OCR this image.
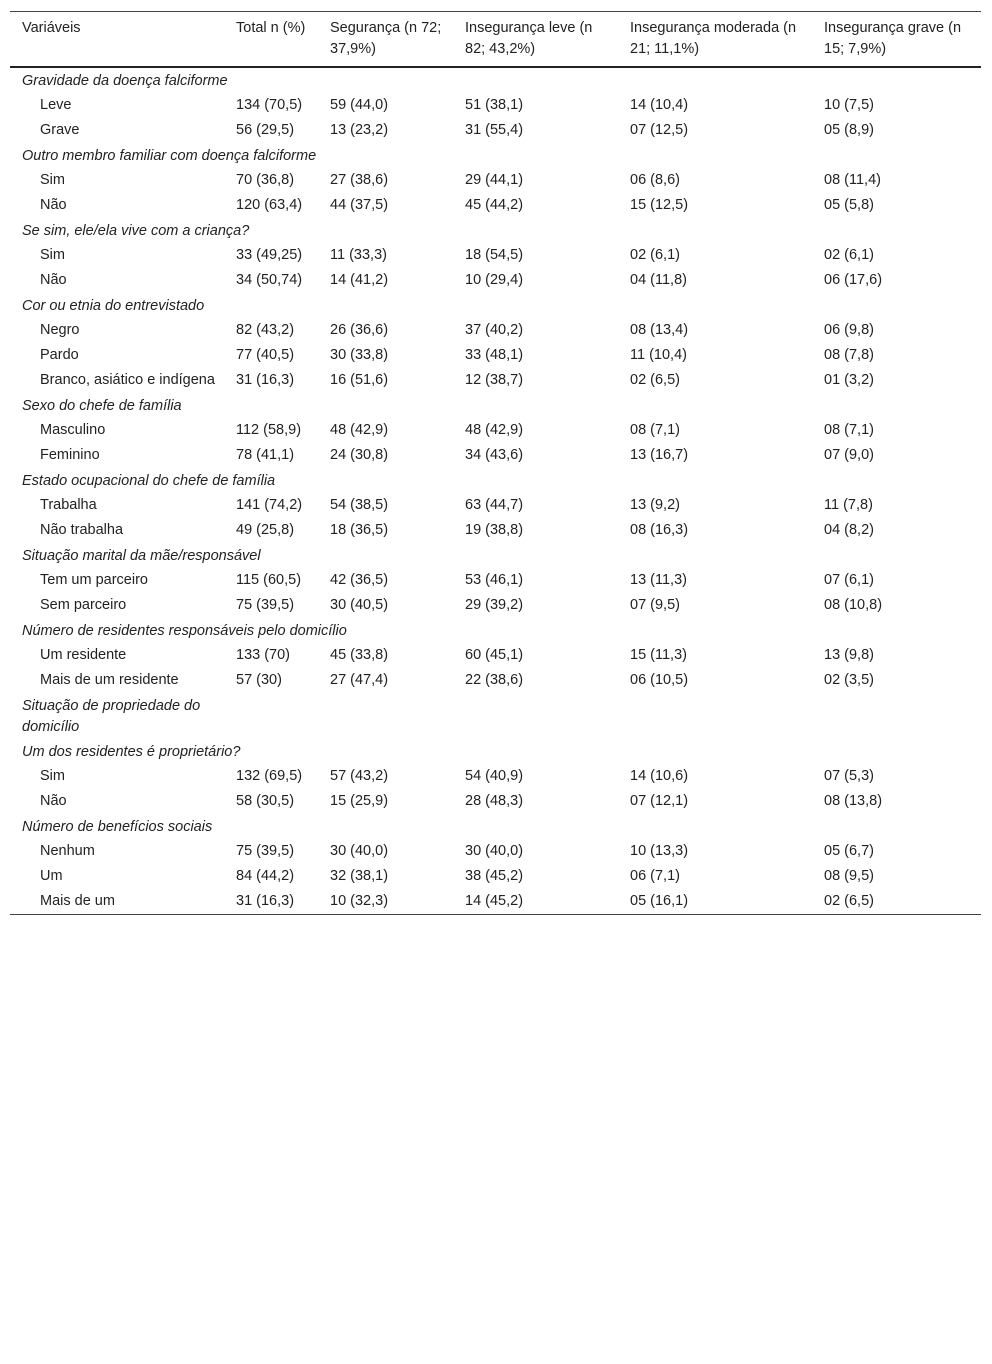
Variáveis	Total n (%)	Segurança (n 72; 37,9%)	Insegurança leve (n 82; 43,2%)	Insegurança moderada (n 21; 11,1%)	Insegurança grave (n 15; 7,9%)
Gravidade da doença falciforme					
Leve	134 (70,5)	59 (44,0)	51 (38,1)	14 (10,4)	10 (7,5)
Grave	56 (29,5)	13 (23,2)	31 (55,4)	07 (12,5)	05 (8,9)
Outro membro familiar com doença falciforme					
Sim	70 (36,8)	27 (38,6)	29 (44,1)	06 (8,6)	08 (11,4)
Não	120 (63,4)	44 (37,5)	45 (44,2)	15 (12,5)	05 (5,8)
Se sim, ele/ela vive com a criança?					
Sim	33 (49,25)	11 (33,3)	18 (54,5)	02 (6,1)	02 (6,1)
Não	34 (50,74)	14 (41,2)	10 (29,4)	04 (11,8)	06 (17,6)
Cor ou etnia do entrevistado					
Negro	82 (43,2)	26 (36,6)	37 (40,2)	08 (13,4)	06 (9,8)
Pardo	77 (40,5)	30 (33,8)	33 (48,1)	11 (10,4)	08 (7,8)
Branco, asiático e indígena	31 (16,3)	16 (51,6)	12 (38,7)	02 (6,5)	01 (3,2)
Sexo do chefe de família					
Masculino	112 (58,9)	48 (42,9)	48 (42,9)	08 (7,1)	08 (7,1)
Feminino	78 (41,1)	24 (30,8)	34 (43,6)	13 (16,7)	07 (9,0)
Estado ocupacional do chefe de família					
Trabalha	141 (74,2)	54 (38,5)	63 (44,7)	13 (9,2)	11 (7,8)
Não trabalha	49 (25,8)	18 (36,5)	19 (38,8)	08 (16,3)	04 (8,2)
Situação marital da mãe/responsável					
Tem um parceiro	115 (60,5)	42 (36,5)	53 (46,1)	13 (11,3)	07 (6,1)
Sem parceiro	75 (39,5)	30 (40,5)	29 (39,2)	07 (9,5)	08 (10,8)
Número de residentes responsáveis pelo domicílio					
Um residente	133 (70)	45 (33,8)	60 (45,1)	15 (11,3)	13 (9,8)
Mais de um residente	57 (30)	27 (47,4)	22 (38,6)	06 (10,5)	02 (3,5)
Situação de propriedade do domicílio					
Um dos residentes é proprietário?					
Sim	132 (69,5)	57 (43,2)	54 (40,9)	14 (10,6)	07 (5,3)
Não	58 (30,5)	15 (25,9)	28 (48,3)	07 (12,1)	08 (13,8)
Número de benefícios sociais					
Nenhum	75 (39,5)	30 (40,0)	30 (40,0)	10 (13,3)	05 (6,7)
Um	84 (44,2)	32 (38,1)	38 (45,2)	06 (7,1)	08 (9,5)
Mais de um	31 (16,3)	10 (32,3)	14 (45,2)	05 (16,1)	02 (6,5)
